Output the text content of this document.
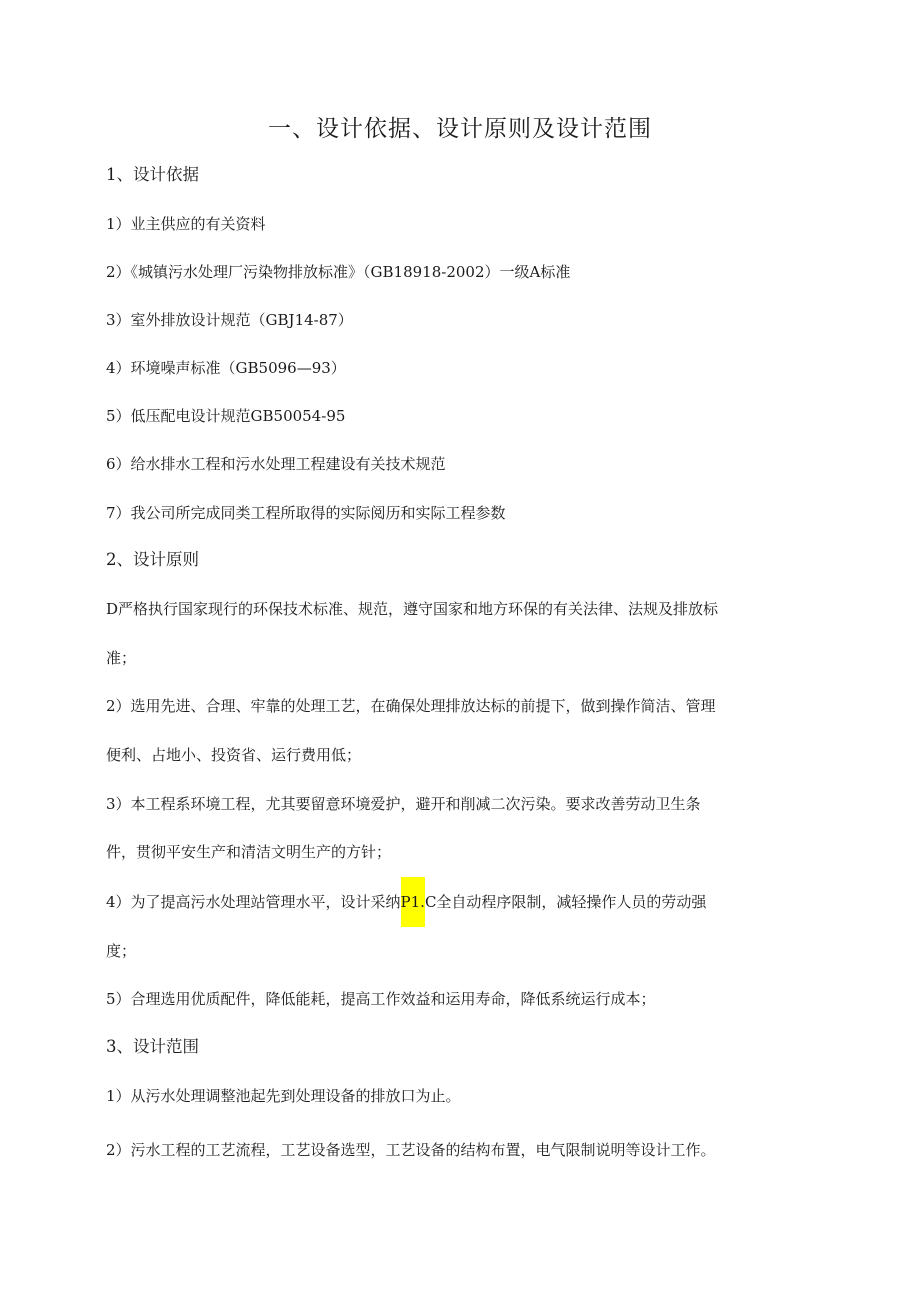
一、设计依据、设计原则及设计范围
1、设计依据
1）业主供应的有关资料
2）《城镇污水处理厂污染物排放标准》（GB18918-2002）一级A标准
3）室外排放设计规范（GBJ14-87）
4）环境噪声标准（GB5096—93）
5）低压配电设计规范GB50054-95
6）给水排水工程和污水处理工程建设有关技术规范
7）我公司所完成同类工程所取得的实际阅历和实际工程参数
2、设计原则
D严格执行国家现行的环保技术标准、规范，遵守国家和地方环保的有关法律、法规及排放标
准；
2）选用先进、合理、牢靠的处理工艺，在确保处理排放达标的前提下，做到操作简洁、管理
便利、占地小、投资省、运行费用低；
3）本工程系环境工程，尤其要留意环境爱护，避开和削减二次污染。要求改善劳动卫生条
件，贯彻平安生产和清洁文明生产的方针；
4）为了提高污水处理站管理水平，设计采纳P1.C全自动程序限制，减轻操作人员的劳动强
度；
5）合理选用优质配件，降低能耗，提高工作效益和运用寿命，降低系统运行成本；
3、设计范围
1）从污水处理调整池起先到处理设备的排放口为止。
2）污水工程的工艺流程，工艺设备选型，工艺设备的结构布置，电气限制说明等设计工作。
